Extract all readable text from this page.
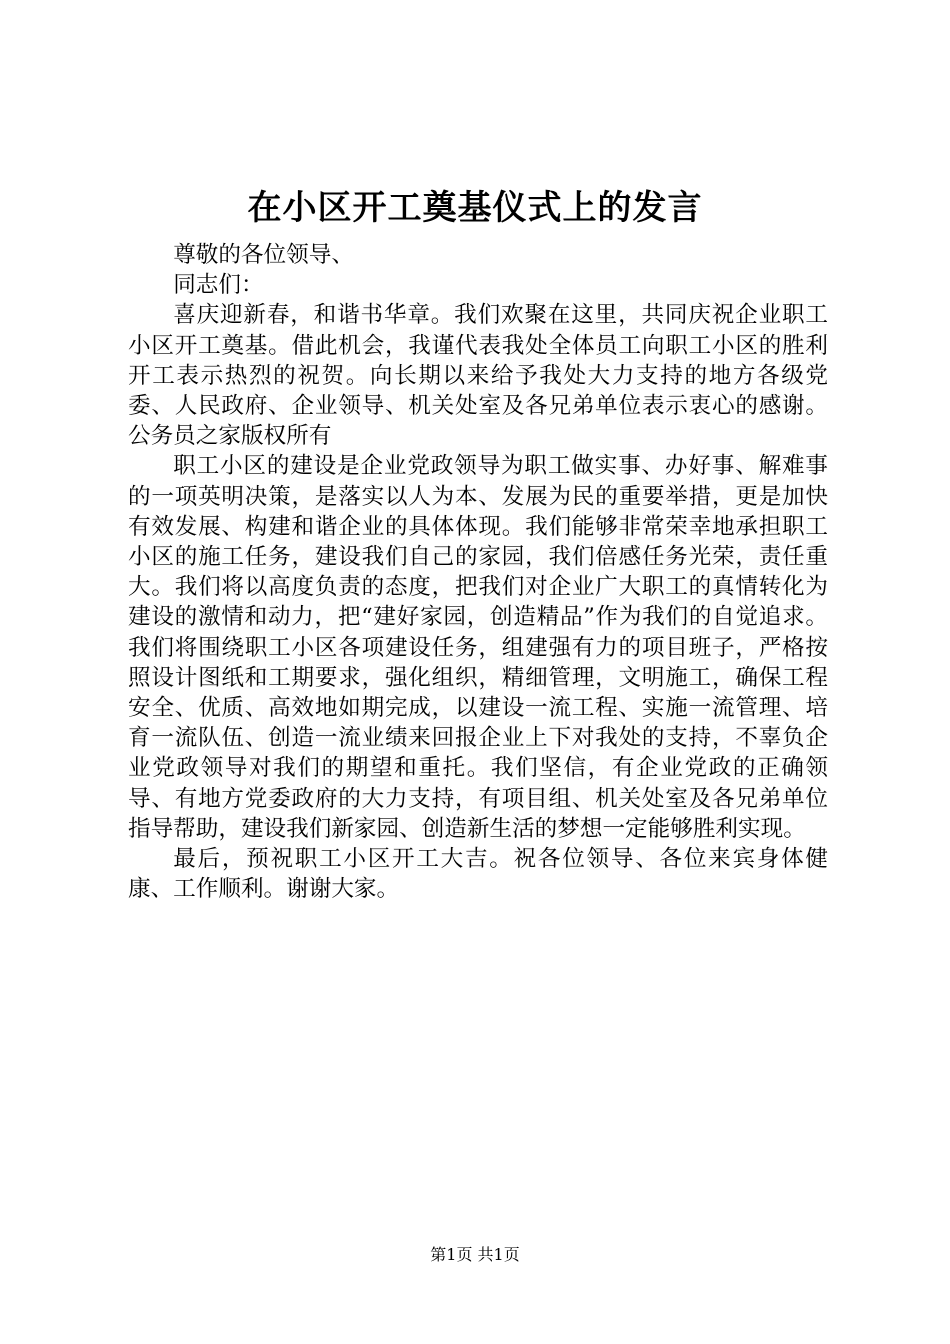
在小区开工奠基仪式上的发言

尊敬的各位领导、

同志们：

喜庆迎新春，和谐书华章。我们欢聚在这里，共同庆祝企业职工小区开工奠基。借此机会，我谨代表我处全体员工向职工小区的胜利开工表示热烈的祝贺。向长期以来给予我处大力支持的地方各级党委、人民政府、企业领导、机关处室及各兄弟单位表示衷心的感谢。公务员之家版权所有

职工小区的建设是企业党政领导为职工做实事、办好事、解难事的一项英明决策，是落实以人为本、发展为民的重要举措，更是加快有效发展、构建和谐企业的具体体现。我们能够非常荣幸地承担职工小区的施工任务，建设我们自己的家园，我们倍感任务光荣，责任重大。我们将以高度负责的态度，把我们对企业广大职工的真情转化为建设的激情和动力，把“建好家园，创造精品”作为我们的自觉追求。我们将围绕职工小区各项建设任务，组建强有力的项目班子，严格按照设计图纸和工期要求，强化组织，精细管理，文明施工，确保工程安全、优质、高效地如期完成，以建设一流工程、实施一流管理、培育一流队伍、创造一流业绩来回报企业上下对我处的支持，不辜负企业党政领导对我们的期望和重托。我们坚信，有企业党政的正确领导、有地方党委政府的大力支持，有项目组、机关处室及各兄弟单位指导帮助，建设我们新家园、创造新生活的梦想一定能够胜利实现。

最后，预祝职工小区开工大吉。祝各位领导、各位来宾身体健康、工作顺利。谢谢大家。

第1页 共1页
